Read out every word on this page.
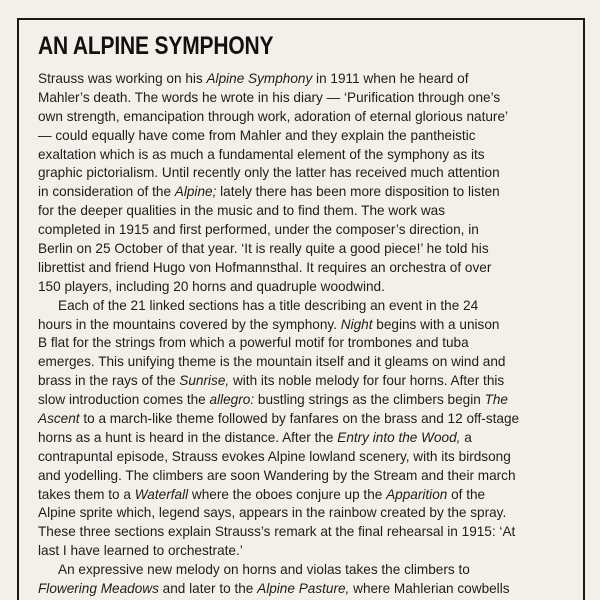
AN ALPINE SYMPHONY
Strauss was working on his Alpine Symphony in 1911 when he heard of
Mahler’s death. The words he wrote in his diary — ‘Purification through one’s
own strength, emancipation through work, adoration of eternal glorious nature’
— could equally have come from Mahler and they explain the pantheistic
exaltation which is as much a fundamental element of the symphony as its
graphic pictorialism. Until recently only the latter has received much attention
in consideration of the Alpine; lately there has been more disposition to listen
for the deeper qualities in the music and to find them. The work was
completed in 1915 and first performed, under the composer’s direction, in
Berlin on 25 October of that year. ‘It is really quite a good piece!’ he told his
librettist and friend Hugo von Hofmannsthal. It requires an orchestra of over
150 players, including 20 horns and quadruple woodwind.
Each of the 21 linked sections has a title describing an event in the 24
hours in the mountains covered by the symphony. Night begins with a unison
B flat for the strings from which a powerful motif for trombones and tuba
emerges. This unifying theme is the mountain itself and it gleams on wind and
brass in the rays of the Sunrise, with its noble melody for four horns. After this
slow introduction comes the allegro: bustling strings as the climbers begin The
Ascent to a march-like theme followed by fanfares on the brass and 12 off-stage
horns as a hunt is heard in the distance. After the Entry into the Wood, a
contrapuntal episode, Strauss evokes Alpine lowland scenery, with its birdsong
and yodelling. The climbers are soon Wandering by the Stream and their march
takes them to a Waterfall where the oboes conjure up the Apparition of the
Alpine sprite which, legend says, appears in the rainbow created by the spray.
These three sections explain Strauss’s remark at the final rehearsal in 1915: ‘At
last I have learned to orchestrate.’
An expressive new melody on horns and violas takes the climbers to
Flowering Meadows and later to the Alpine Pasture, where Mahlerian cowbells
